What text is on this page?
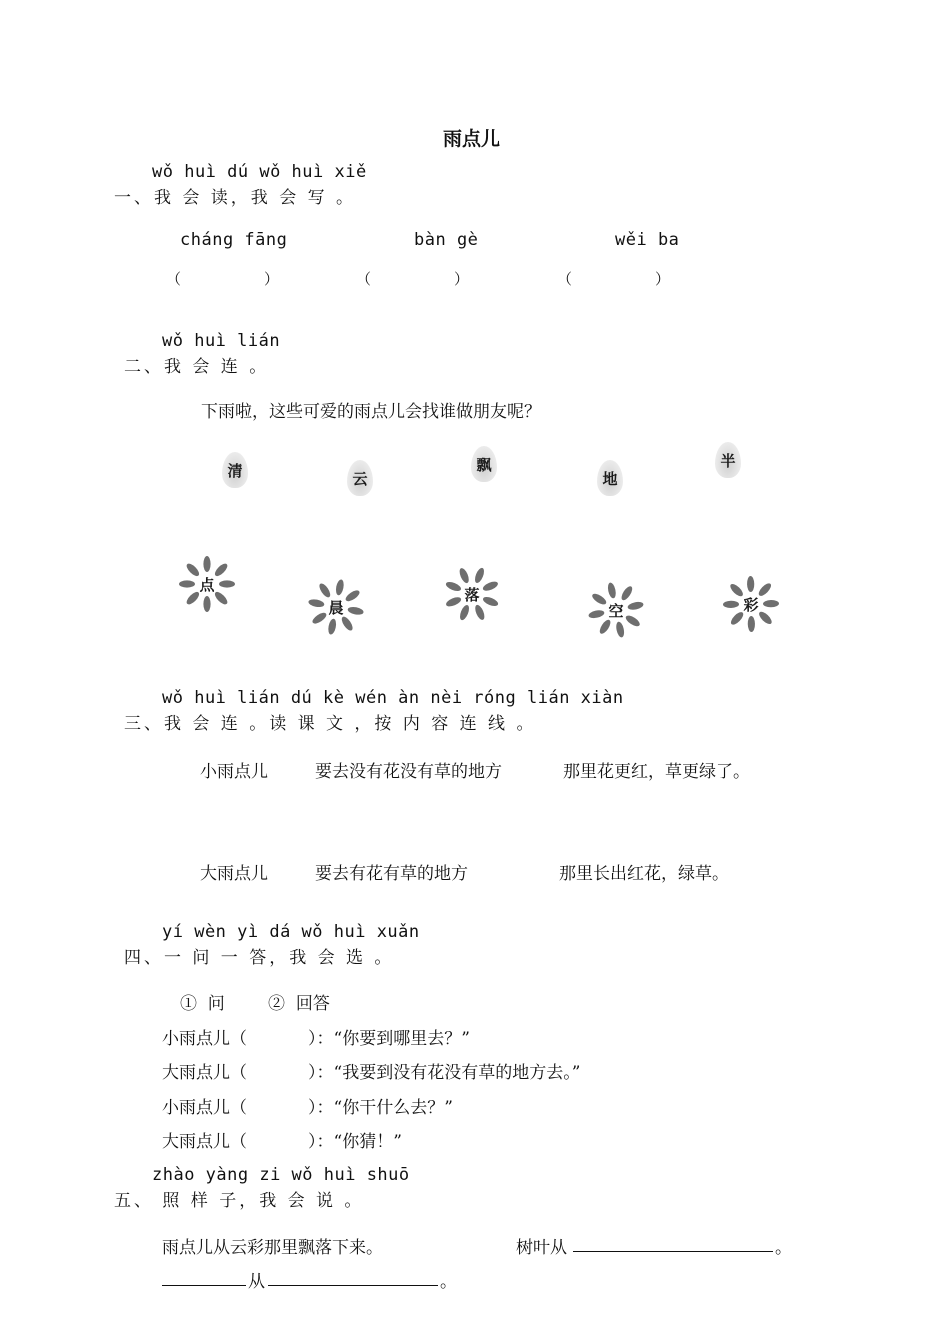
雨点儿
wǒ huì dú wǒ huì xiě
一、我 会 读，我 会 写 。
cháng fāng	bàn gè	wěi ba
（	）	（	）	（	）
wǒ huì lián
二、我 会 连 。
下雨啦，这些可爱的雨点儿会找谁做朋友呢？
清	云
飘
地
半
点
晨
落
空	彩
wǒ huì lián dú kè wén àn nèi róng lián xiàn
三、我 会 连 。读 课 文 ，按 内 容 连 线 。
小雨点儿	要去没有花没有草的地方	那里花更红，草更绿了。
大雨点儿	要去有花有草的地方	那里长出红花，绿草。
yí wèn yì dá wǒ huì xuǎn
四、一 问 一 答，我 会 选 。
①  问        ②  回答
小雨点儿（	）：“你要到哪里去？”
大雨点儿（	）：“我要到没有花没有草的地方去。”
小雨点儿（	）：“你干什么去？”
大雨点儿（	）：“你猜！”
zhào yàng zi wǒ huì shuō
五、 照 样 子，我 会 说 。
雨点儿从云彩那里飘落下来。	树叶从	。
从	。
